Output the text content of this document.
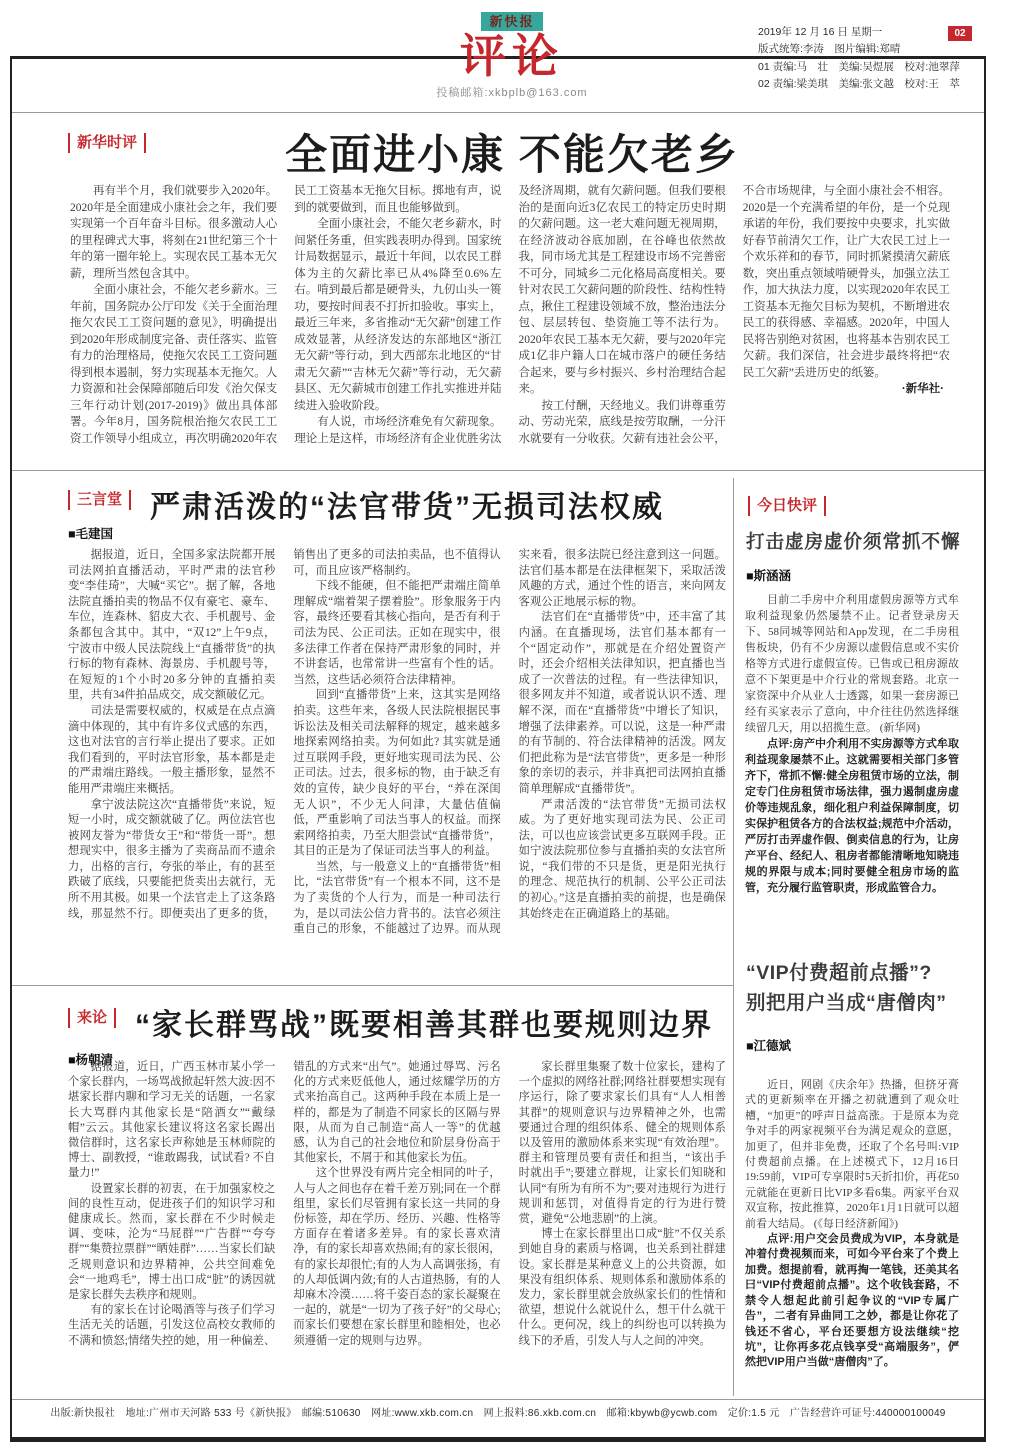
新快报
评论
投稿邮箱:xkbplb@163.com
2019年 12 月 16 日 星期一
版式统筹:李涛　图片编辑:郑晴
01 责编:马　壮　美编:吴煜展　校对:池翠萍
02 责编:梁美琪　美编:张文越　校对:王　萃
02
新华时评	全面进小康 不能欠老乡

再有半个月，我们就要步入2020年。2020年是全面建成小康社会之年，我们要实现第一个百年奋斗目标。很多激动人心的里程碑式大事，将刻在21世纪第三个十年的第一圈年轮上。实现农民工基本无欠薪，理所当然包含其中。

全面小康社会，不能欠老乡薪水。三年前，国务院办公厅印发《关于全面治理拖欠农民工工资问题的意见》，明确提出到2020年形成制度完备、责任落实、监管有力的治理格局，使拖欠农民工工资问题得到根本遏制，努力实现基本无拖欠。人力资源和社会保障部随后印发《治欠保支三年行动计划(2017-2019)》做出具体部署。今年8月，国务院根治拖欠农民工工资工作领导小组成立，再次明确2020年农民工工资基本无拖欠目标。掷地有声，说到的就要做到，而且也能够做到。

全面小康社会，不能欠老乡薪水，时间紧任务重，但实践表明办得到。国家统计局数据显示，最近十年间，以农民工群体为主的欠薪比率已从4%降至0.6%左右。啃到最后都是硬骨头，九仞山头一篑功，要按时间表不打折扣验收。事实上，最近三年来，多省推动“无欠薪”创建工作成效显著，从经济发达的东部地区“浙江无欠薪”等行动，到大西部东北地区的“甘肃无欠薪”“吉林无欠薪”等行动，无欠薪县区、无欠薪城市创建工作扎实推进并陆续进入验收阶段。

有人说，市场经济难免有欠薪现象。理论上是这样，市场经济有企业优胜劣汰及经济周期，就有欠薪问题。但我们要根治的是面向近3亿农民工的特定历史时期的欠薪问题。这一老大难问题无视周期，在经济波动谷底加剧，在谷峰也依然故我，同市场尤其是工程建设市场不完善密不可分，同城乡二元化格局高度相关。要针对农民工欠薪问题的阶段性、结构性特点，揪住工程建设领域不放，整治违法分包、层层转包、垫资施工等不法行为。2020年农民工基本无欠薪，要与2020年完成1亿非户籍人口在城市落户的硬任务结合起来，要与乡村振兴、乡村治理结合起来。

按工付酬，天经地义。我们讲尊重劳动、劳动光荣，底线是按劳取酬，一分汗水就要有一分收获。欠薪有违社会公平，不合市场规律，与全面小康社会不相容。2020是一个充满希望的年份，是一个兑现承诺的年份，我们要按中央要求，扎实做好春节前清欠工作，让广大农民工过上一个欢乐祥和的春节，同时抓紧摸清欠薪底数，突出重点领域啃硬骨头，加强立法工作，加大执法力度，以实现2020年农民工工资基本无拖欠目标为契机，不断增进农民工的获得感、幸福感。2020年，中国人民将告别绝对贫困，也将基本告别农民工欠薪。我们深信，社会进步最终将把“农民工欠薪”丢进历史的纸篓。

·新华社·

三言堂 严肃活泼的“法官带货”无损司法权威
■毛建国

据报道，近日，全国多家法院都开展司法网拍直播活动，平时严肃的法官秒变“李佳琦”，大喊“买它”。据了解，各地法院直播拍卖的物品不仅有豪宅、豪车、车位，连森林、貂皮大衣、手机靓号、金条都包含其中。其中，“双12”上午9点，宁波市中级人民法院线上“直播带货”的执行标的物有森林、海景房、手机靓号等，在短短的1个小时20多分钟的直播拍卖里，共有34件拍品成交，成交额破亿元。

司法是需要权威的，权威是在点点滴滴中体现的，其中有许多仪式感的东西，这也对法官的言行举止提出了要求。正如我们看到的，平时法官形象，基本都是走的严肃端庄路线。一般主播形象，显然不能用严肃端庄来概括。

拿宁波法院这次“直播带货”来说，短短一小时，成交额就破了亿。两位法官也被网友誉为“带货女王”和“带货一哥”。想想现实中，很多主播为了卖商品而不遗余力，出格的言行，夸张的举止，有的甚至跌破了底线，只要能把货卖出去就行，无所不用其极。如果一个法官走上了这条路线，那显然不行。即便卖出了更多的货，销售出了更多的司法拍卖品，也不值得认可，而且应该严格制约。

下线不能硬，但不能把严肃端庄简单理解成“端着架子摆着脸”。形象服务于内容，最终还要看其核心指向，是否有利于司法为民、公正司法。正如在现实中，很多法律工作者在保持严肃形象的同时，并不讲套话，也常常讲一些富有个性的话。当然，这些话必须符合法律精神。

回到“直播带货”上来，这其实是网络拍卖。这些年来，各级人民法院根据民事诉讼法及相关司法解释的规定，越来越多地探索网络拍卖。为何如此? 其实就是通过互联网手段，更好地实现司法为民、公正司法。过去，很多标的物，由于缺乏有效的宣传，缺少良好的平台，“养在深闺无人识”，不少无人问津，大量估值偏低，严重影响了司法当事人的权益。而探索网络拍卖，乃至大胆尝试“直播带货”，其目的正是为了保证司法当事人的利益。

当然，与一般意义上的“直播带货”相比，“法官带货”有一个根本不同，这不是为了卖货的个人行为，而是一种司法行为，是以司法公信力背书的。法官必须注重自己的形象，不能越过了边界。而从现实来看，很多法院已经注意到这一问题。法官们基本都是在法律框架下，采取活泼风趣的方式，通过个性的语言，来向网友客观公正地展示标的物。

法官们在“直播带货”中，还丰富了其内涵。在直播现场，法官们基本都有一个“固定动作”，那就是在介绍处置资产时，还会介绍相关法律知识，把直播也当成了一次普法的过程。有一些法律知识，很多网友并不知道，或者说认识不透、理解不深，而在“直播带货”中增长了知识，增强了法律素养。可以说，这是一种严肃的有节制的、符合法律精神的活泼。网友们把此称为是“法官带货”，更多是一种形象的亲切的表示，并非真把司法网拍直播简单理解成“直播带货”。

严肃活泼的“法官带货”无损司法权威。为了更好地实现司法为民、公正司法，可以也应该尝试更多互联网手段。正如宁波法院那位参与直播拍卖的女法官所说，“我们带的不只是货，更是阳光执行的理念、规范执行的机制、公平公正司法的初心。”这是直播拍卖的前提，也是确保其始终走在正确道路上的基础。

今日快评
打击虚房虚价须常抓不懈
■斯涵涵

目前二手房中介利用虚假房源等方式牟取利益现象仍然屡禁不止。记者登录房天下、58同城等网站和App发现，在二手房租售板块，仍有不少房源以虚假信息或不实价格等方式进行虚假宣传。已售或已租房源故意不下架更是中介行业的常规套路。北京一家资深中介从业人士透露，如果一套房源已经有买家表示了意向，中介往往仍然选择继续留几天，用以招揽生意。 (新华网)

点评:房产中介利用不实房源等方式牟取利益现象屡禁不止。这就需要相关部门多管齐下，常抓不懈:健全房租赁市场的立法，制定专门住房租赁市场法律，强力遏制虚房虚价等违规乱象，细化租户利益保障制度，切实保护租赁各方的合法权益;规范中介活动，严厉打击弄虚作假、倒卖信息的行为，让房产平台、经纪人、租房者都能清晰地知晓违规的界限与成本;同时要健全租房市场的监管，充分履行监管职责，形成监管合力。

“VIP付费超前点播”?
别把用户当成“唐僧肉”
■江德斌

近日，网剧《庆余年》热播，但挤牙膏式的更新频率在开播之初就遭到了观众吐槽，“加更”的呼声日益高涨。于是原本为竞争对手的两家视频平台为满足观众的意愿，加更了，但并非免费，还取了个名号叫:VIP付费超前点播。在上述模式下，12月16日19:59前，VIP可专享限时5天折扣价，再花50元就能在更新日比VIP多看6集。两家平台双双宣称，按此推算，2020年1月1日就可以超前看大结局。 (《每日经济新闻》)

点评:用户交会员费成为VIP，本身就是冲着付费视频而来，可如今平台来了个费上加费。想提前看，就再掏一笔钱，还美其名曰“VIP付费超前点播”。这个收钱套路，不禁令人想起此前引起争议的“VIP专属广告”，二者有异曲同工之妙，都是让你花了钱还不省心，平台还要想方设法继续“挖坑”，让你再多花点钱享受“高端服务”，俨然把VIP用户当做“唐僧肉”了。

来论 “家长群骂战”既要相善其群也要规则边界
■杨朝清

据报道，近日，广西玉林市某小学一个家长群内，一场骂战掀起轩然大波:因不堪家长群内聊和学习无关的话题，一名家长大骂群内其他家长是“陪酒女”“戴绿帽”云云。其他家长建议将这名家长踢出微信群时，这名家长声称她是玉林师院的博士、副教授，“谁敢踢我，试试看? 不自量力!”

设置家长群的初衷，在于加强家校之间的良性互动，促进孩子们的知识学习和健康成长。然而，家长群在不少时候走调、变味，沦为“马屁群”“广告群”“夸夸群”“集赞拉票群”“晒娃群”……当家长们缺乏规则意识和边界精神，公共空间难免会“一地鸡毛”，博士出口成“脏”的诱因就是家长群失去秩序和规则。

有的家长在讨论喝酒等与孩子们学习生活无关的话题，引发这位高校女教师的不满和愤怒;情绪失控的她，用一种偏差、错乱的方式来“出气”。她通过辱骂、污名化的方式来贬低他人，通过炫耀学历的方式来抬高自己。这两种手段在本质上是一样的，都是为了制造不同家长的区隔与界限，从而为自己制造“高人一等”的优越感，认为自己的社会地位和阶层身份高于其他家长，不屑于和其他家长为伍。

这个世界没有两片完全相同的叶子，人与人之间也存在着千差万别;同在一个群组里，家长们尽管拥有家长这一共同的身份标签，却在学历、经历、兴趣、性格等方面存在着诸多差异。有的家长喜欢清净，有的家长却喜欢热闹;有的家长很闲，有的家长却很忙;有的人为人高调张扬，有的人却低调内敛;有的人古道热肠，有的人却麻木冷漠……将千姿百态的家长凝聚在一起的，就是“一切为了孩子好”的父母心;而家长们要想在家长群里和睦相处，也必须遵循一定的规则与边界。

家长群里集聚了数十位家长，建构了一个虚拟的网络社群;网络社群要想实现有序运行，除了要求家长们具有“人人相善其群”的规则意识与边界精神之外，也需要通过合理的组织体系、健全的规则体系以及管用的激励体系来实现“有效治理”。群主和管理员要有责任和担当，“该出手时就出手”;要建立群规，让家长们知晓和认同“有所为有所不为”;要对违规行为进行规训和惩罚，对值得肯定的行为进行赞赏，避免“公地悲剧”的上演。

博士在家长群里出口成“脏”不仅关系到她自身的素质与格调，也关系到社群建设。家长群是某种意义上的公共资源，如果没有组织体系、规则体系和激励体系的发力，家长群里就会放纵家长们的性情和欲望，想说什么就说什么，想干什么就干什么。更何况，线上的纠纷也可以转换为线下的矛盾，引发人与人之间的冲突。

出版:新快报社　地址:广州市天河路 533 号《新快报》　邮编:510630　网址:www.xkb.com.cn　网上报料:86.xkb.com.cn　邮箱:kbywb@ycwb.com　定价:1.5 元　广告经营许可证号:440000100049
